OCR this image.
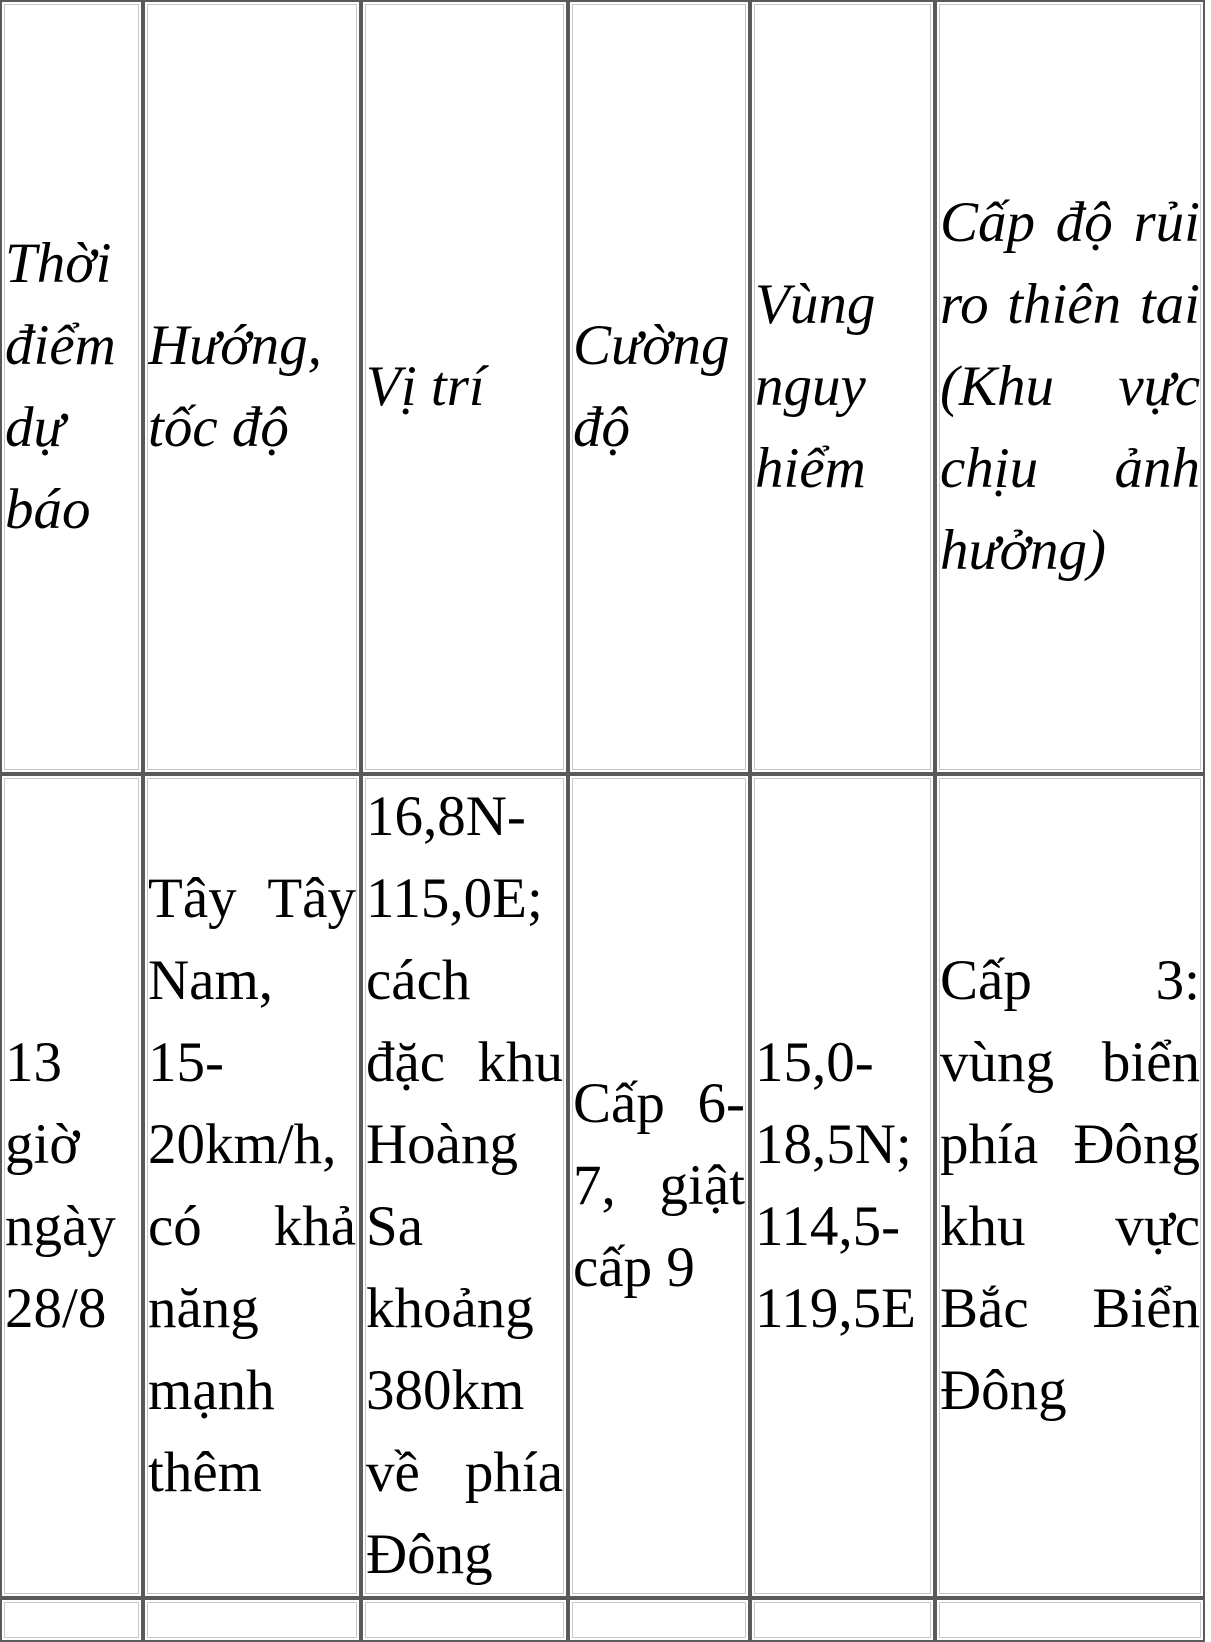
Thời điểm dự báo	Hướng, tốc độ	Vị trí	Cường độ	Vùng nguy hiểm	Cấp độ rủi ro thiên tai (Khu vực chịu ảnh hưởng)

13 giờ ngày 28/8	Tây Tây Nam, 15-20km/h, có khả năng mạnh thêm	16,8N-115,0E; cách đặc khu Hoàng Sa khoảng 380km về phía Đông	Cấp 6-7, giật cấp 9	15,0-18,5N; 114,5-119,5E	Cấp 3: vùng biển phía Đông khu vực Bắc Biển Đông
